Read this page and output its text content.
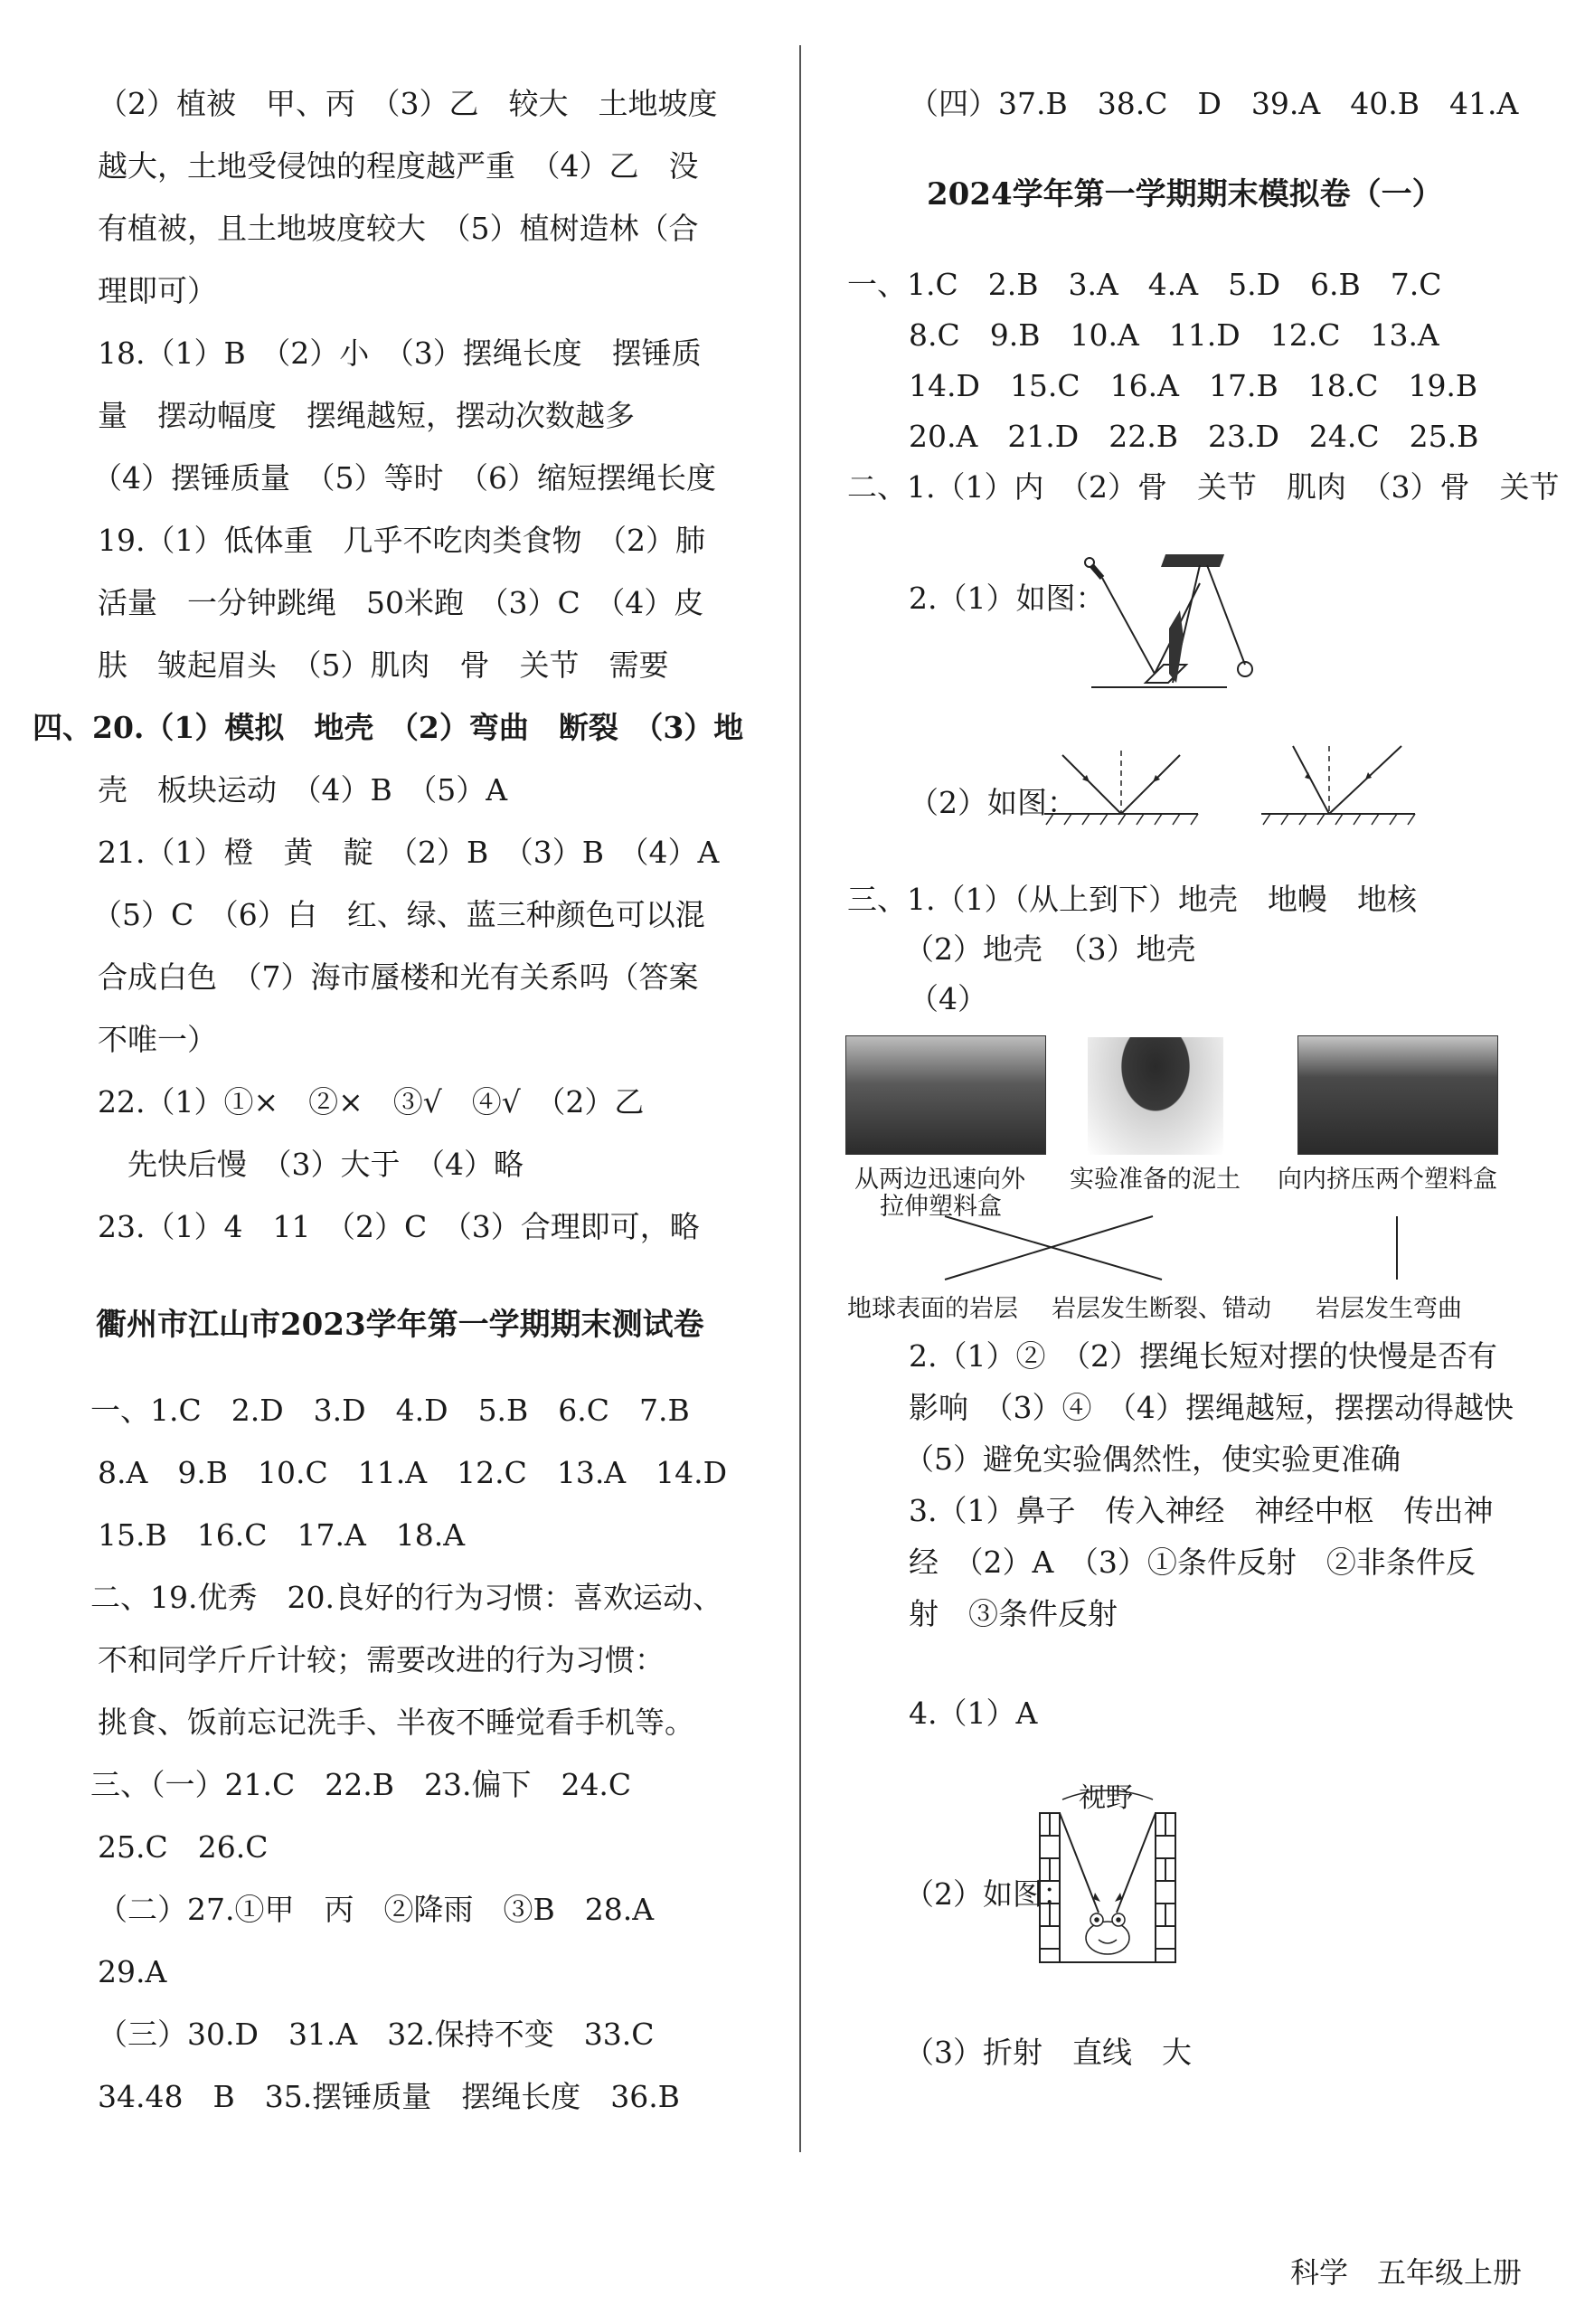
（2）植被　甲、丙　（3）乙　较大　土地坡度
越大，土地受侵蚀的程度越严重　（4）乙　没
有植被，且土地坡度较大　（5）植树造林（合
理即可）
18.（1）B　（2）小　（3）摆绳长度　摆锤质
量　摆动幅度　摆绳越短，摆动次数越多
（4）摆锤质量　（5）等时　（6）缩短摆绳长度
19.（1）低体重　几乎不吃肉类食物　（2）肺
活量　一分钟跳绳　50米跑　（3）C　（4）皮
肤　皱起眉头　（5）肌肉　骨　关节　需要
四、20.（1）模拟　地壳　（2）弯曲　断裂　（3）地
壳　板块运动　（4）B　（5）A
21.（1）橙　黄　靛　（2）B　（3）B　（4）A
（5）C　（6）白　红、绿、蓝三种颜色可以混
合成白色　（7）海市蜃楼和光有关系吗（答案
不唯一）
22.（1）①×　②×　③√　④√　（2）乙
　先快后慢　（3）大于　（4）略
23.（1）4　11　（2）C　（3）合理即可，略
衢州市江山市2023学年第一学期期末测试卷
一、1.C　2.D　3.D　4.D　5.B　6.C　7.B
8.A　9.B　10.C　11.A　12.C　13.A　14.D
15.B　16.C　17.A　18.A
二、19.优秀　20.良好的行为习惯：喜欢运动、
不和同学斤斤计较；需要改进的行为习惯：
挑食、饭前忘记洗手、半夜不睡觉看手机等。
三、（一）21.C　22.B　23.偏下　24.C
25.C　26.C
（二）27.①甲　丙　②降雨　③B　28.A
29.A
（三）30.D　31.A　32.保持不变　33.C
34.48　B　35.摆锤质量　摆绳长度　36.B
（四）37.B　38.C　D　39.A　40.B　41.A
2024学年第一学期期末模拟卷（一）
一、1.C　2.B　3.A　4.A　5.D　6.B　7.C
8.C　9.B　10.A　11.D　12.C　13.A
14.D　15.C　16.A　17.B　18.C　19.B
20.A　21.D　22.B　23.D　24.C　25.B
二、1.（1）内　（2）骨　关节　肌肉　（3）骨　关节
2.（1）如图：
（2）如图：
三、1.（1）（从上到下）地壳　地幔　地核
（2）地壳　（3）地壳
（4）
从两边迅速向外
拉伸塑料盒
实验准备的泥土 向内挤压两个塑料盒
地球表面的岩层 岩层发生断裂、错动 岩层发生弯曲
2.（1）②　（2）摆绳长短对摆的快慢是否有
影响　（3）④　（4）摆绳越短，摆摆动得越快
（5）避免实验偶然性，使实验更准确
3.（1）鼻子　传入神经　神经中枢　传出神
经　（2）A　（3）①条件反射　②非条件反
射　③条件反射
4.（1）A
（2）如图：
视野
（3）折射　直线　大
科学　 五年级上册
